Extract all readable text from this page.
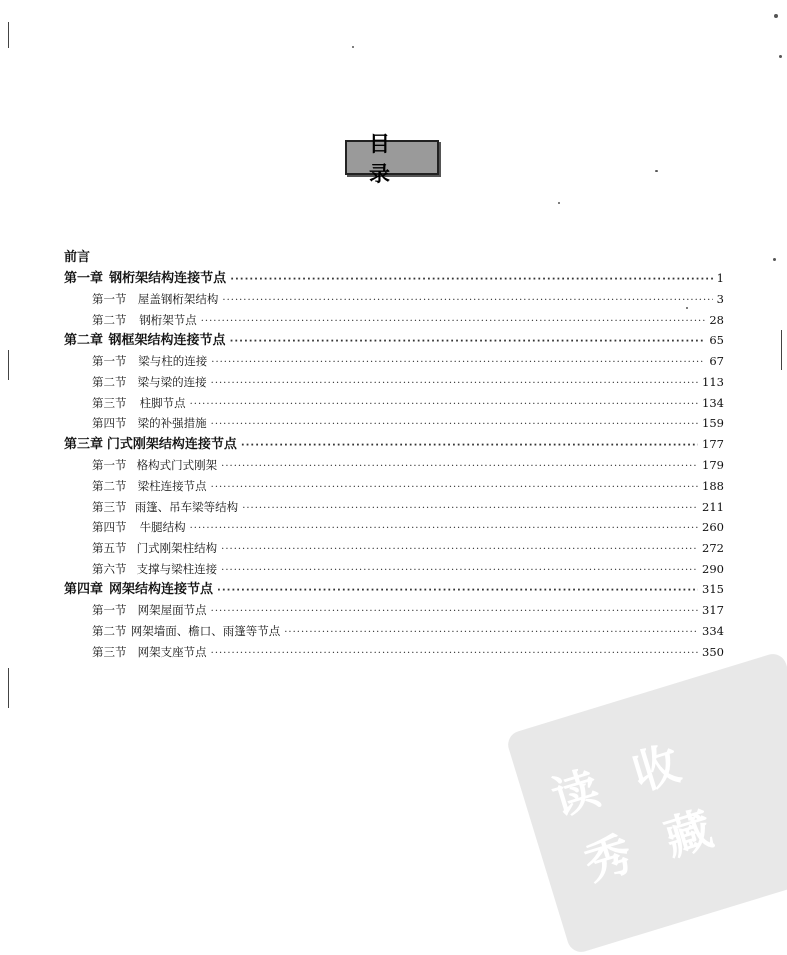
目 录
前言
第一章 钢桁架结构连接节点 ·····	1
第一节 屋盖钢桁架结构 ·····	3
第二节	钢桁架节点 ·····	28
第二章 钢框架结构连接节点 ·····	65
第一节	梁与柱的连接 ·····	67
第二节 梁与梁的连接 ·····	113
第三节	柱脚节点 ·····	134
第四节 梁的补强措施 ·····	159
第三章 门式刚架结构连接节点 ·····	177
第一节 格构式门式刚架 ·····	179
第二节 梁柱连接节点 ·····	188
第三节 雨篷、吊车梁等结构 ·····	211
第四节	牛腿结构 ·····	260
第五节 门式刚架柱结构 ·····	272
第六节 支撑与梁柱连接 ·····	290
第四章 网架结构连接节点 ·····	315
第一节 网架屋面节点 ·····	317
第二节 网架墙面、檐口、雨篷等节点 ·····	334
第三节 网架支座节点 ·····	350
读
秀
收
藏
